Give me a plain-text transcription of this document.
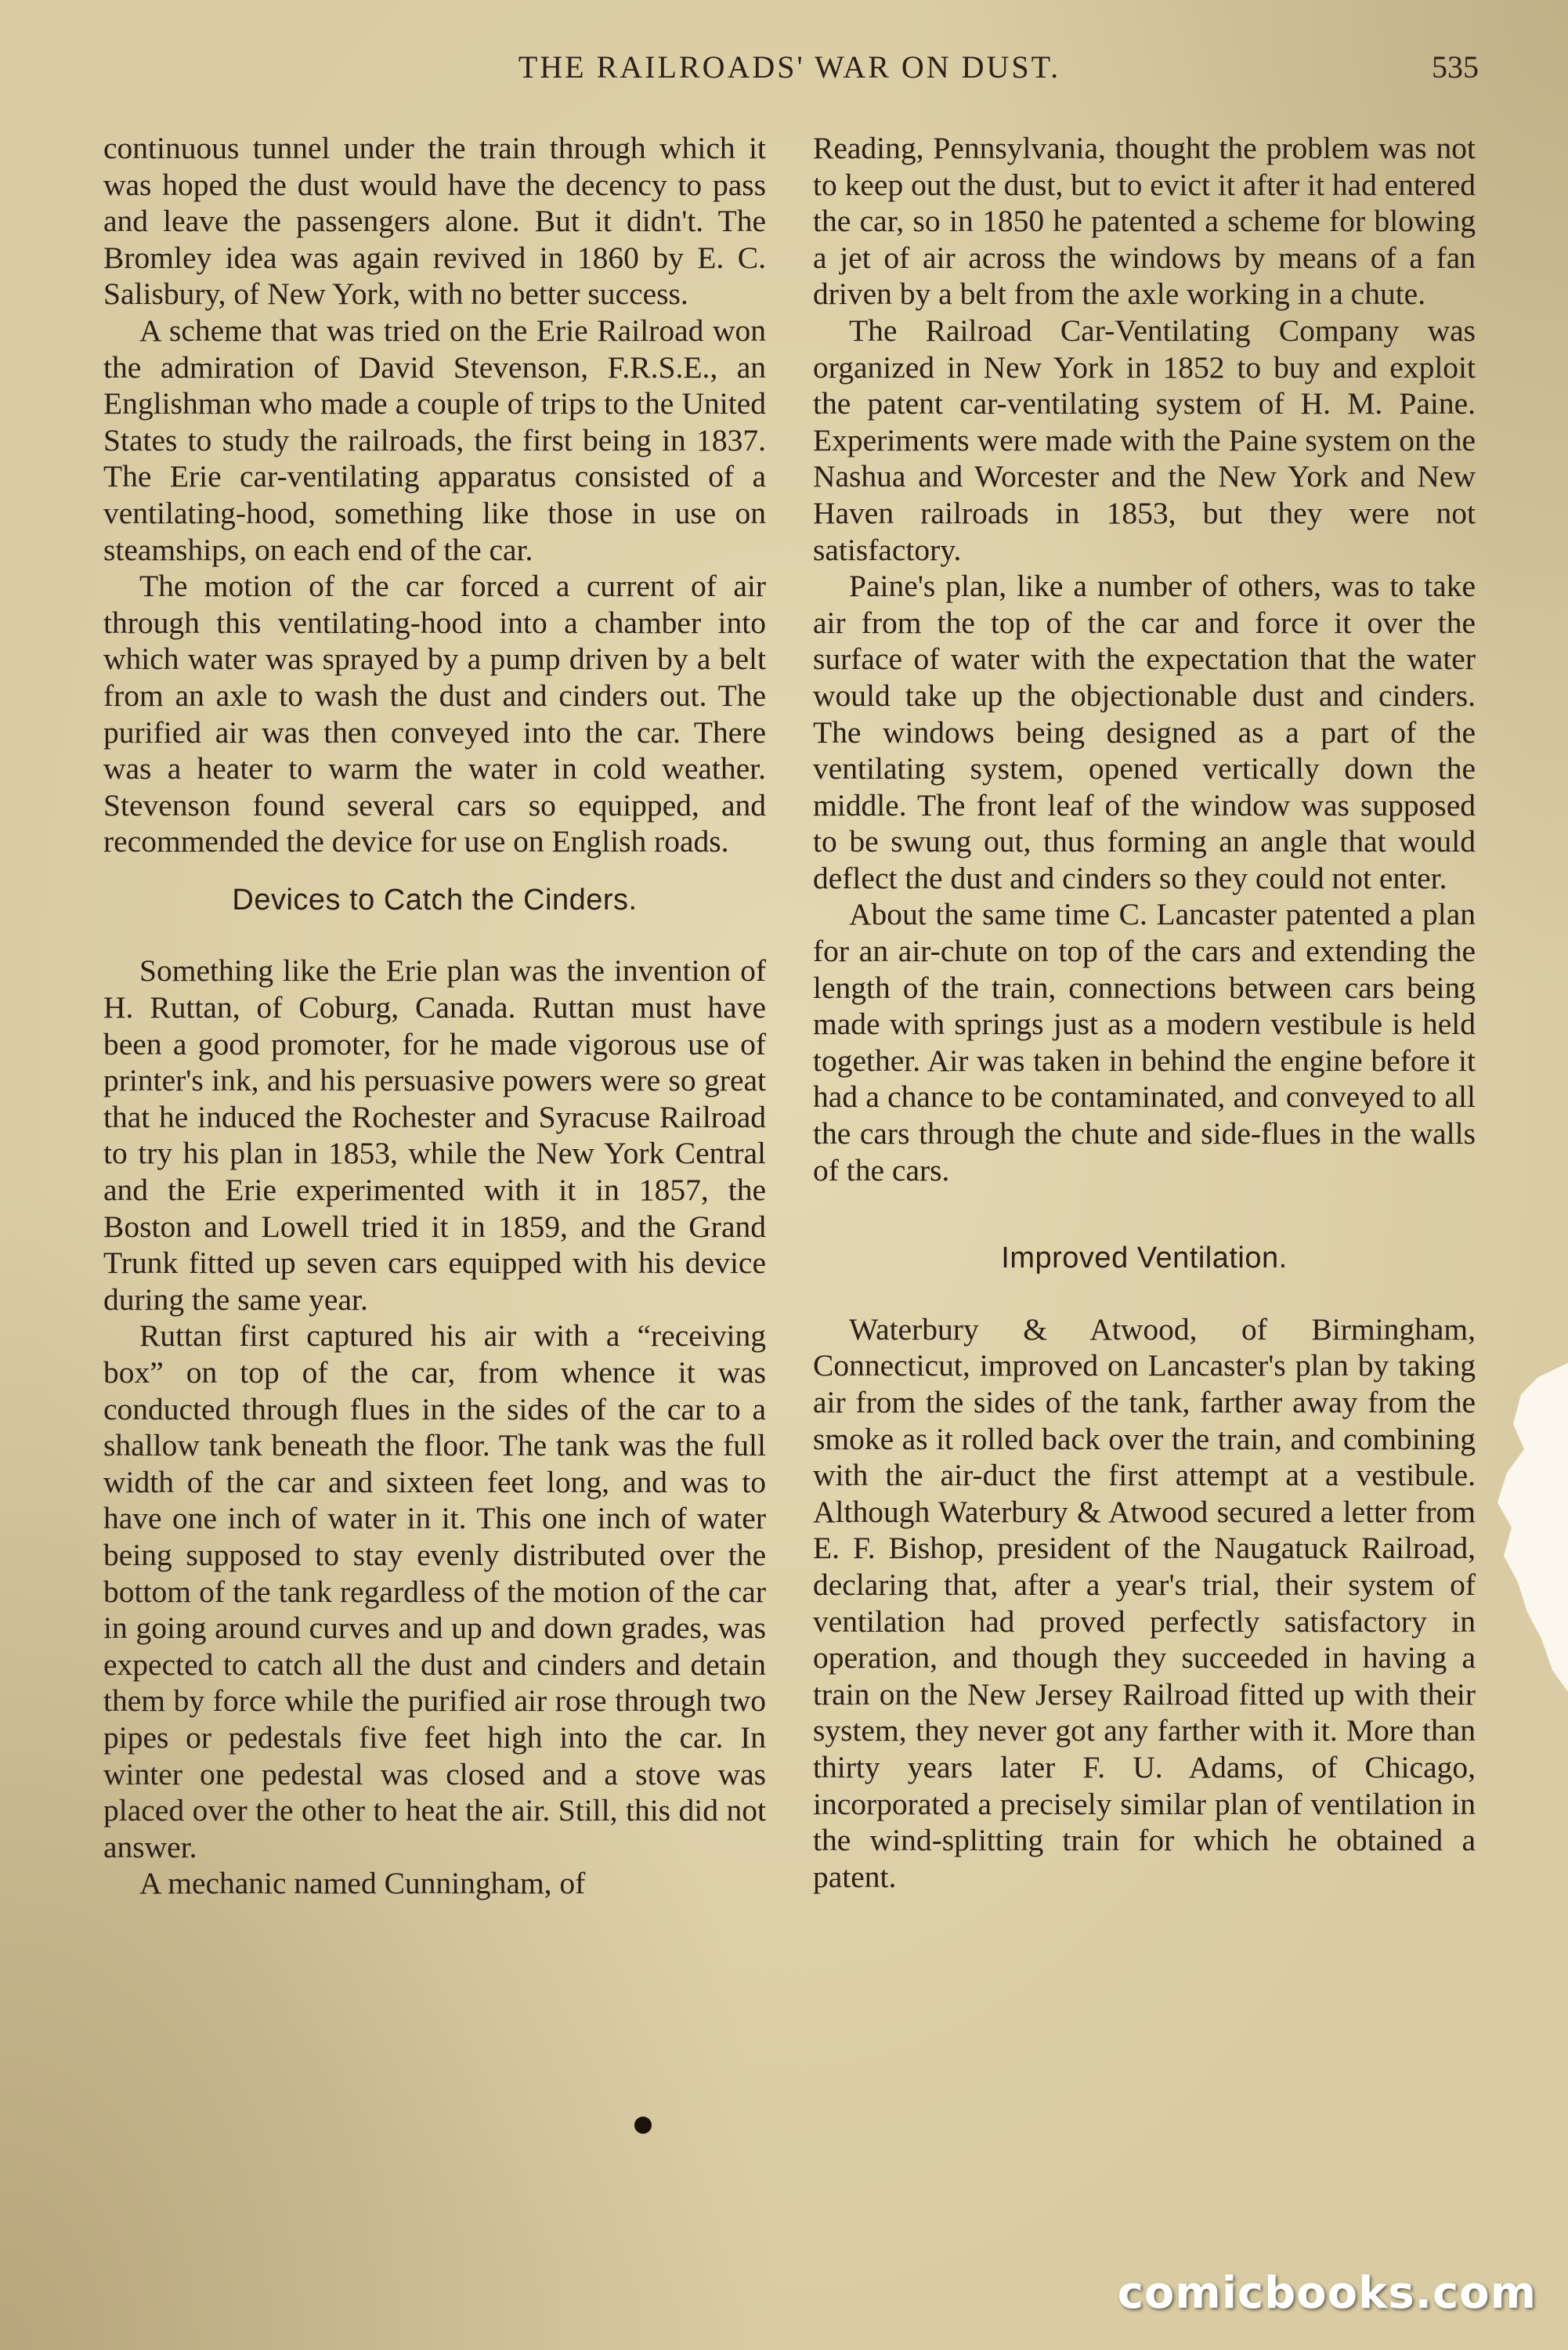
THE RAILROADS' WAR ON DUST.	535

continuous tunnel under the train through which it was hoped the dust would have the decency to pass and leave the passengers alone. But it didn't. The Bromley idea was again revived in 1860 by E. C. Salisbury, of New York, with no better success.

A scheme that was tried on the Erie Railroad won the admiration of David Stevenson, F.R.S.E., an Englishman who made a couple of trips to the United States to study the railroads, the first being in 1837. The Erie car-ventilating apparatus consisted of a ventilating-hood, something like those in use on steamships, on each end of the car.

The motion of the car forced a current of air through this ventilating-hood into a chamber into which water was sprayed by a pump driven by a belt from an axle to wash the dust and cinders out. The purified air was then conveyed into the car. There was a heater to warm the water in cold weather. Stevenson found several cars so equipped, and recommended the device for use on English roads.

Devices to Catch the Cinders.

Something like the Erie plan was the invention of H. Ruttan, of Coburg, Canada. Ruttan must have been a good promoter, for he made vigorous use of printer's ink, and his persuasive powers were so great that he induced the Rochester and Syracuse Railroad to try his plan in 1853, while the New York Central and the Erie experimented with it in 1857, the Boston and Lowell tried it in 1859, and the Grand Trunk fitted up seven cars equipped with his device during the same year.

Ruttan first captured his air with a “receiving box” on top of the car, from whence it was conducted through flues in the sides of the car to a shallow tank beneath the floor. The tank was the full width of the car and sixteen feet long, and was to have one inch of water in it. This one inch of water being supposed to stay evenly distributed over the bottom of the tank regardless of the motion of the car in going around curves and up and down grades, was expected to catch all the dust and cinders and detain them by force while the purified air rose through two pipes or pedestals five feet high into the car. In winter one pedestal was closed and a stove was placed over the other to heat the air. Still, this did not answer.

A mechanic named Cunningham, of

Reading, Pennsylvania, thought the problem was not to keep out the dust, but to evict it after it had entered the car, so in 1850 he patented a scheme for blowing a jet of air across the windows by means of a fan driven by a belt from the axle working in a chute.

The Railroad Car-Ventilating Company was organized in New York in 1852 to buy and exploit the patent car-ventilating system of H. M. Paine. Experiments were made with the Paine system on the Nashua and Worcester and the New York and New Haven railroads in 1853, but they were not satisfactory.

Paine's plan, like a number of others, was to take air from the top of the car and force it over the surface of water with the expectation that the water would take up the objectionable dust and cinders. The windows being designed as a part of the ventilating system, opened vertically down the middle. The front leaf of the window was supposed to be swung out, thus forming an angle that would deflect the dust and cinders so they could not enter.

About the same time C. Lancaster patented a plan for an air-chute on top of the cars and extending the length of the train, connections between cars being made with springs just as a modern vestibule is held together. Air was taken in behind the engine before it had a chance to be contaminated, and conveyed to all the cars through the chute and side-flues in the walls of the cars.

Improved Ventilation.

Waterbury & Atwood, of Birmingham, Connecticut, improved on Lancaster's plan by taking air from the sides of the tank, farther away from the smoke as it rolled back over the train, and combining with the air-duct the first attempt at a vestibule. Although Waterbury & Atwood secured a letter from E. F. Bishop, president of the Naugatuck Railroad, declaring that, after a year's trial, their system of ventilation had proved perfectly satisfactory in operation, and though they succeeded in having a train on the New Jersey Railroad fitted up with their system, they never got any farther with it. More than thirty years later F. U. Adams, of Chicago, incorporated a precisely similar plan of ventilation in the wind-splitting train for which he obtained a patent.

comicbooks.com
